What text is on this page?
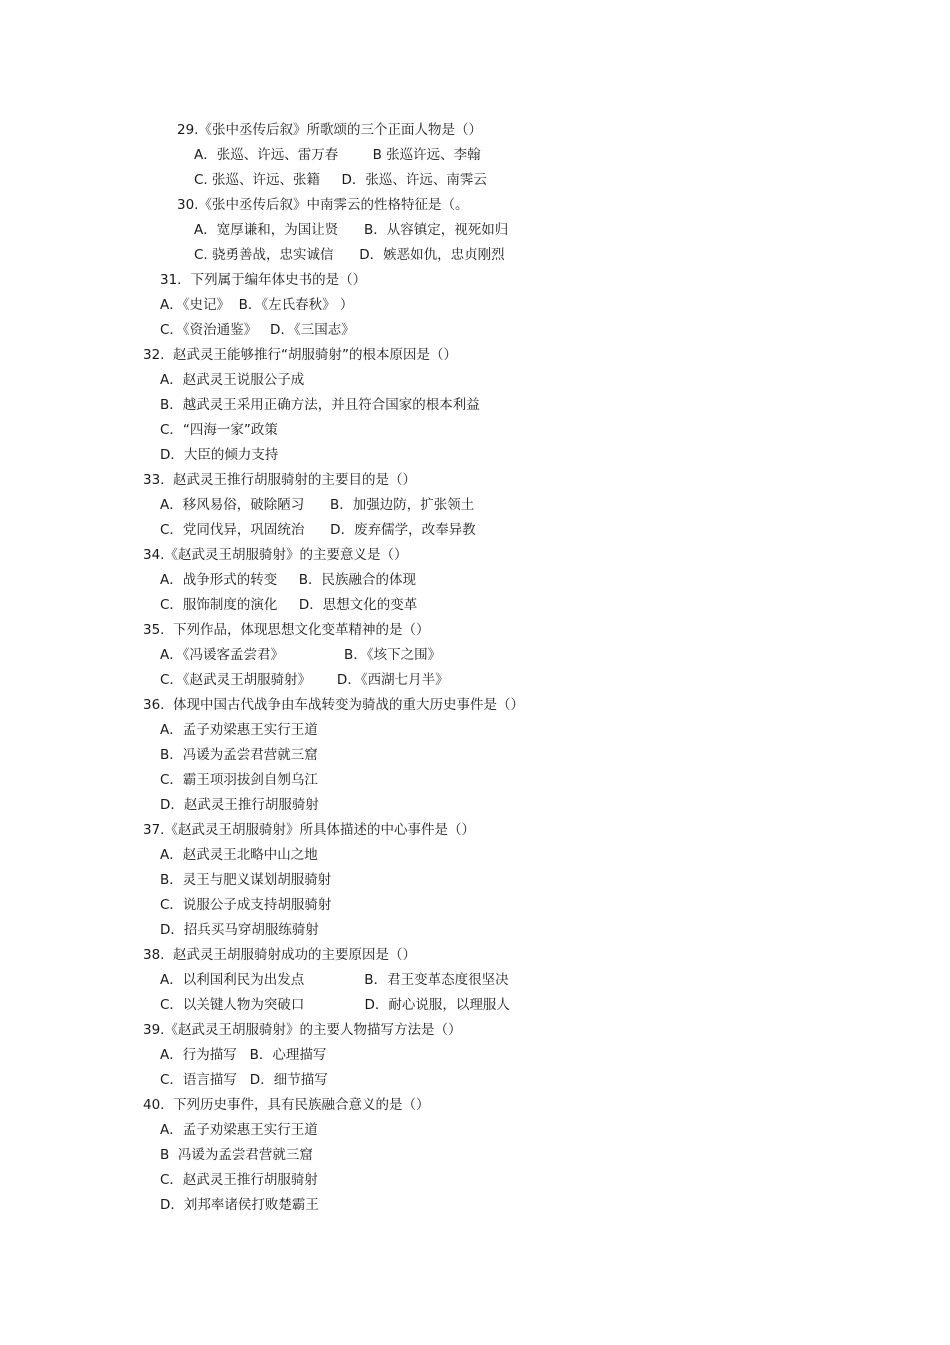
29.《张中丞传后叙》所歌颂的三个正面人物是（）

A．张巡、许远、雷万春        B 张巡许远、李翰

C. 张巡、许远、张籍     D．张巡、许远、南霁云

30.《张中丞传后叙》中南霁云的性格特征是（。

A．宽厚谦和，为国让贤      B．从容镇定，视死如归

C. 骁勇善战，忠实诚信      D．嫉恶如仇，忠贞刚烈

31．下列属于编年体史书的是（）

A．《史记》  B．《左氏春秋》 ）

C．《资治通鉴》   D．《三国志》

32.  赵武灵王能够推行“胡服骑射”的根本原因是（）

A．赵武灵王说服公子成

B．越武灵王采用正确方法，并且符合国家的根本利益

C．“四海一家”政策

D．大臣的倾力支持

33.  赵武灵王推行胡服骑射的主要目的是（）

A．移风易俗，破除陋习      B．加强边防，扩张领土

C．党同伐异，巩固统治      D．废弃儒学，改奉异教

34.《赵武灵王胡服骑射》的主要意义是（）

A．战争形式的转变     B．民族融合的体现

C．服饰制度的演化     D．思想文化的变革

35.  下列作品，体现思想文化变革精神的是（）

A．《冯谖客孟尝君》              B．《垓下之围》

C．《赵武灵王胡服骑射》      D．《西湖七月半》

36.  体现中国古代战争由车战转变为骑战的重大历史事件是（）

A．孟子劝梁惠王实行王道

B．冯谖为孟尝君营就三窟

C．霸王项羽拔剑自刎乌江

D．赵武灵王推行胡服骑射

37.《赵武灵王胡服骑射》所具体描述的中心事件是（）

A．赵武灵王北略中山之地

B．灵王与肥义谋划胡服骑射

C．说服公子成支持胡服骑射

D．招兵买马穿胡服练骑射

38.  赵武灵王胡服骑射成功的主要原因是（）

A．以利国利民为出发点              B．君王变革态度很坚决

C．以关键人物为突破口              D．耐心说服，以理服人

39.《赵武灵王胡服骑射》的主要人物描写方法是（）

A．行为描写   B．心理描写

C．语言描写   D．细节描写

40.  下列历史事件，具有民族融合意义的是（）

A．孟子劝梁惠王实行王道

B  冯谖为孟尝君营就三窟

C．赵武灵王推行胡服骑射

D．刘邦率诸侯打败楚霸王
